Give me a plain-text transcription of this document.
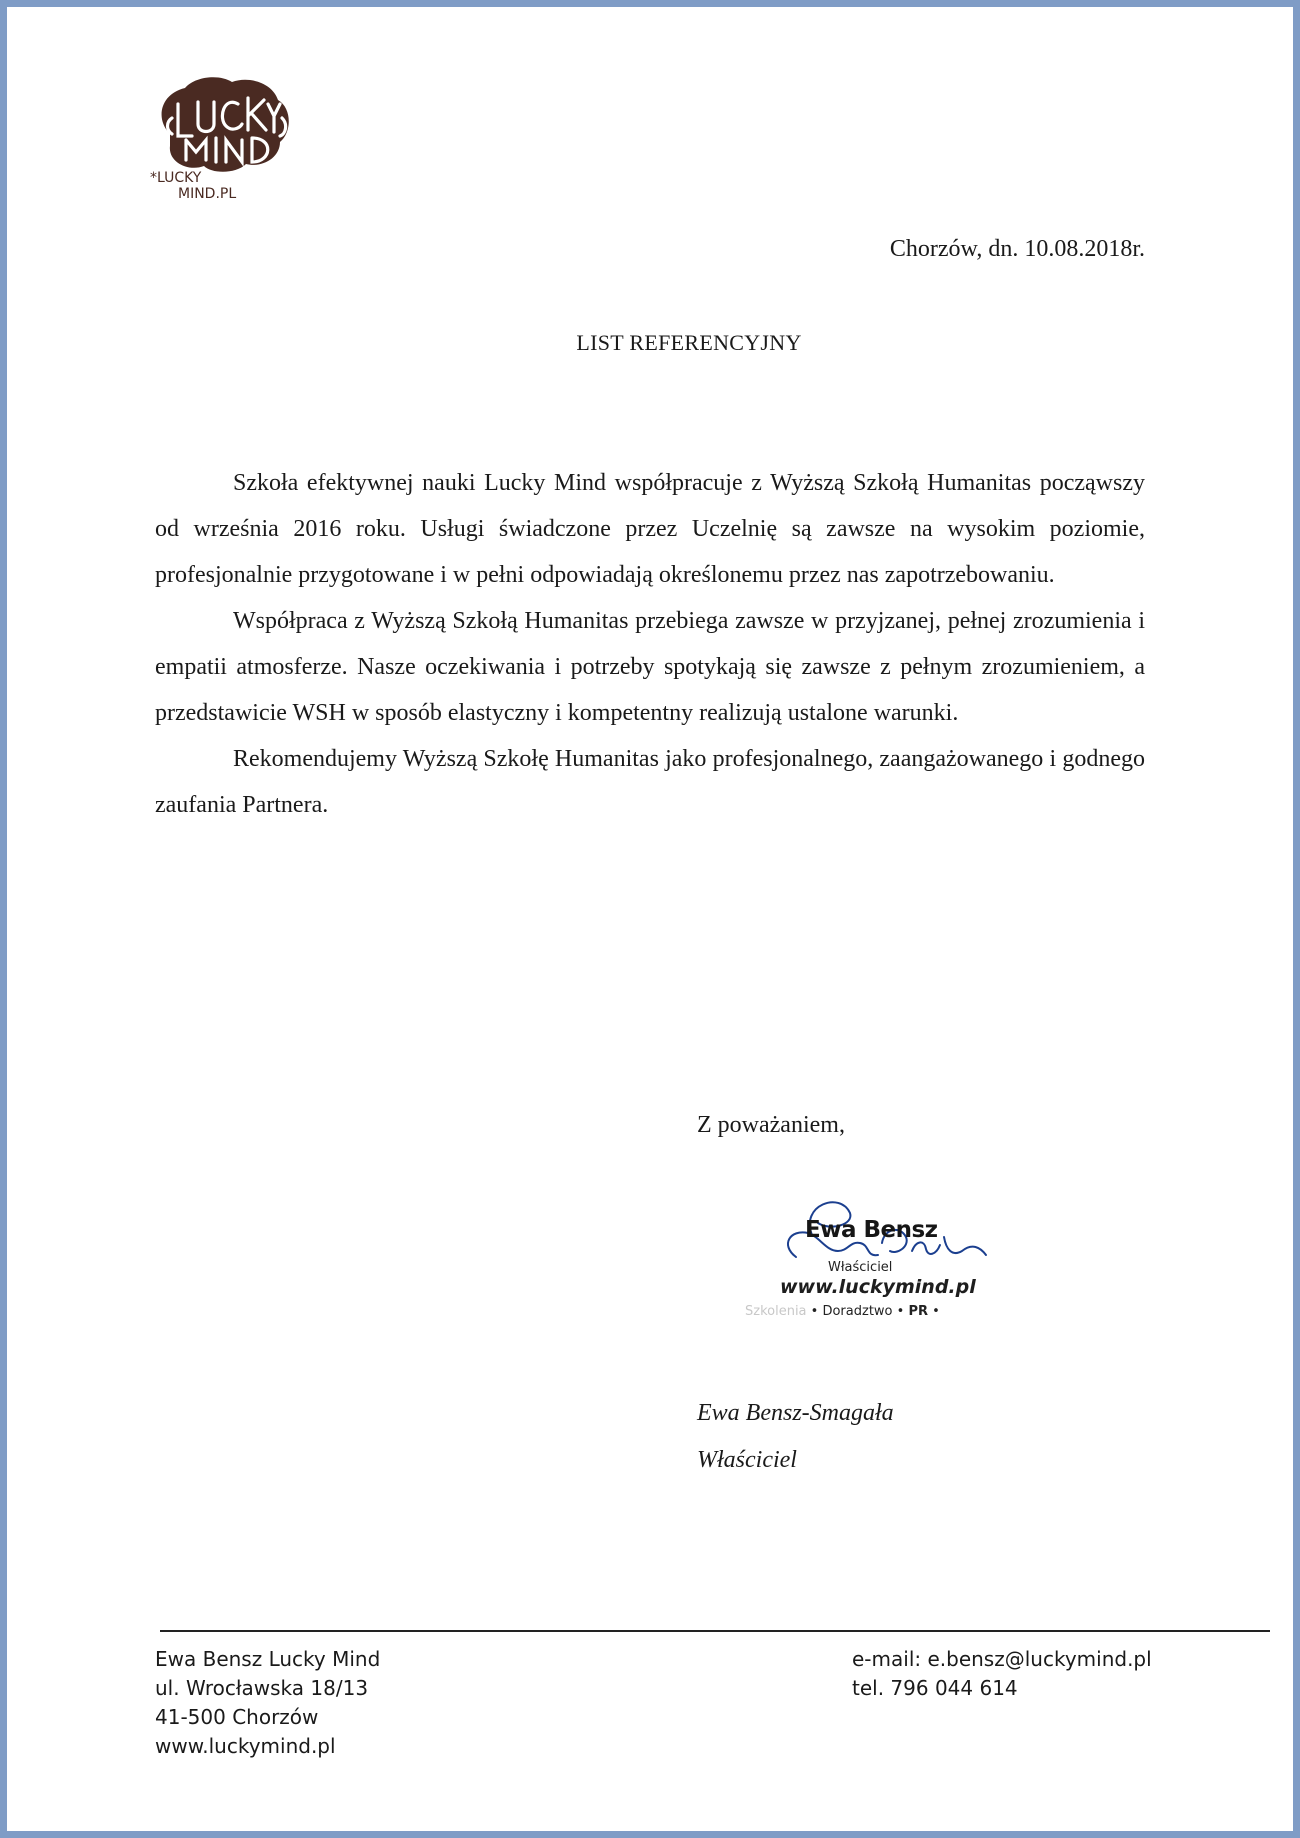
*LUCKY
MIND.PL
Chorzów, dn. 10.08.2018r.
LIST REFERENCYJNY

Szkoła efektywnej nauki Lucky Mind współpracuje z Wyższą Szkołą Humanitas począwszy od września 2016 roku. Usługi świadczone przez Uczelnię są zawsze na wysokim poziomie, profesjonalnie przygotowane i w pełni odpowiadają określonemu przez nas zapotrzebowaniu.

Współpraca z Wyższą Szkołą Humanitas przebiega zawsze w przyjzanej, pełnej zrozumienia i empatii atmosferze. Nasze oczekiwania i potrzeby spotykają się zawsze z pełnym zrozumieniem, a przedstawicie WSH w sposób elastyczny i kompetentny realizują ustalone warunki.

Rekomendujemy Wyższą Szkołę Humanitas jako profesjonalnego, zaangażowanego i godnego zaufania Partnera.

Z poważaniem,
Ewa Bensz
Właściciel
www.luckymind.pl
Szkolenia • Doradztwo • PR •
Ewa Bensz-Smagała
Właściciel
Ewa Bensz Lucky Mind
ul. Wrocławska 18/13
41-500 Chorzów
www.luckymind.pl
e-mail: e.bensz@luckymind.pl
tel. 796 044 614
